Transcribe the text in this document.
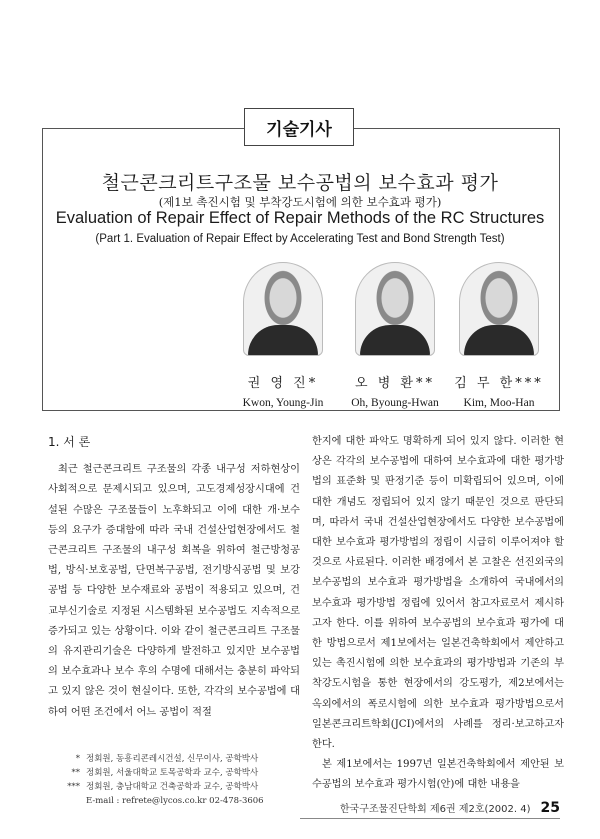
기술기사
철근콘크리트구조물 보수공법의 보수효과 평가
(제1보 촉진시험 및 부착강도시험에 의한 보수효과 평가)
Evaluation of Repair Effect of Repair Methods of the RC Structures
(Part 1. Evaluation of Repair Effect by Accelerating Test and Bond Strength Test)
권 영 진*
Kwon, Young-Jin
오 병 환**
Oh, Byoung-Hwan
김 무 한***
Kim, Moo-Han
1. 서 론

최근 철근콘크리트 구조물의 각종 내구성 저하현상이 사회적으로 문제시되고 있으며, 고도경제성장시대에 건설된 수많은 구조물들이 노후화되고 이에 대한 개·보수 등의 요구가 증대함에 따라 국내 건설산업현장에서도 철근콘크리트 구조물의 내구성 회복을 위하여 철근방청공법, 방식·보호공법, 단면복구공법, 전기방식공법 및 보강공법 등 다양한 보수재료와 공법이 적용되고 있으며, 건교부신기술로 지정된 시스템화된 보수공법도 지속적으로 증가되고 있는 상황이다. 이와 같이 철근콘크리트 구조물의 유지관리기술은 다양하게 발전하고 있지만 보수공법의 보수효과나 보수 후의 수명에 대해서는 충분히 파악되고 있지 않은 것이 현실이다. 또한, 각각의 보수공법에 대하여 어떤 조건에서 어느 공법이 적절

한지에 대한 파악도 명확하게 되어 있지 않다. 이러한 현상은 각각의 보수공법에 대하여 보수효과에 대한 평가방법의 표준화 및 판정기준 등이 미확립되어 있으며, 이에 대한 개념도 정립되어 있지 않기 때문인 것으로 판단되며, 따라서 국내 건설산업현장에서도 다양한 보수공법에 대한 보수효과 평가방법의 정립이 시급히 이루어져야 할 것으로 사료된다. 이러한 배경에서 본 고찰은 선진외국의 보수공법의 보수효과 평가방법을 소개하여 국내에서의 보수효과 평가방법 정립에 있어서 참고자료로서 제시하고자 한다. 이를 위하여 보수공법의 보수효과 평가에 대한 방법으로서 제1보에서는 일본건축학회에서 제안하고 있는 촉진시험에 의한 보수효과의 평가방법과 기존의 부착강도시험을 통한 현장에서의 강도평가, 제2보에서는 옥외에서의 폭로시험에 의한 보수효과 평가방법으로서 일본콘크리트학회(JCI)에서의 사례를 정리·보고하고자 한다.

본 제1보에서는 1997년 일본건축학회에서 제안된 보수공법의 보수효과 평가시험(안)에 대한 내용을

* 정회원, 동흥리콘레시건설, 신무이사, 공학박사
** 정회원, 서울대학교 토목공학과 교수, 공학박사
*** 정회원, 충남대학교 건축공학과 교수, 공학박사
E-mail : refrete@lycos.co.kr 02-478-3606
한국구조물진단학회 제6권 제2호(2002. 4) 25
